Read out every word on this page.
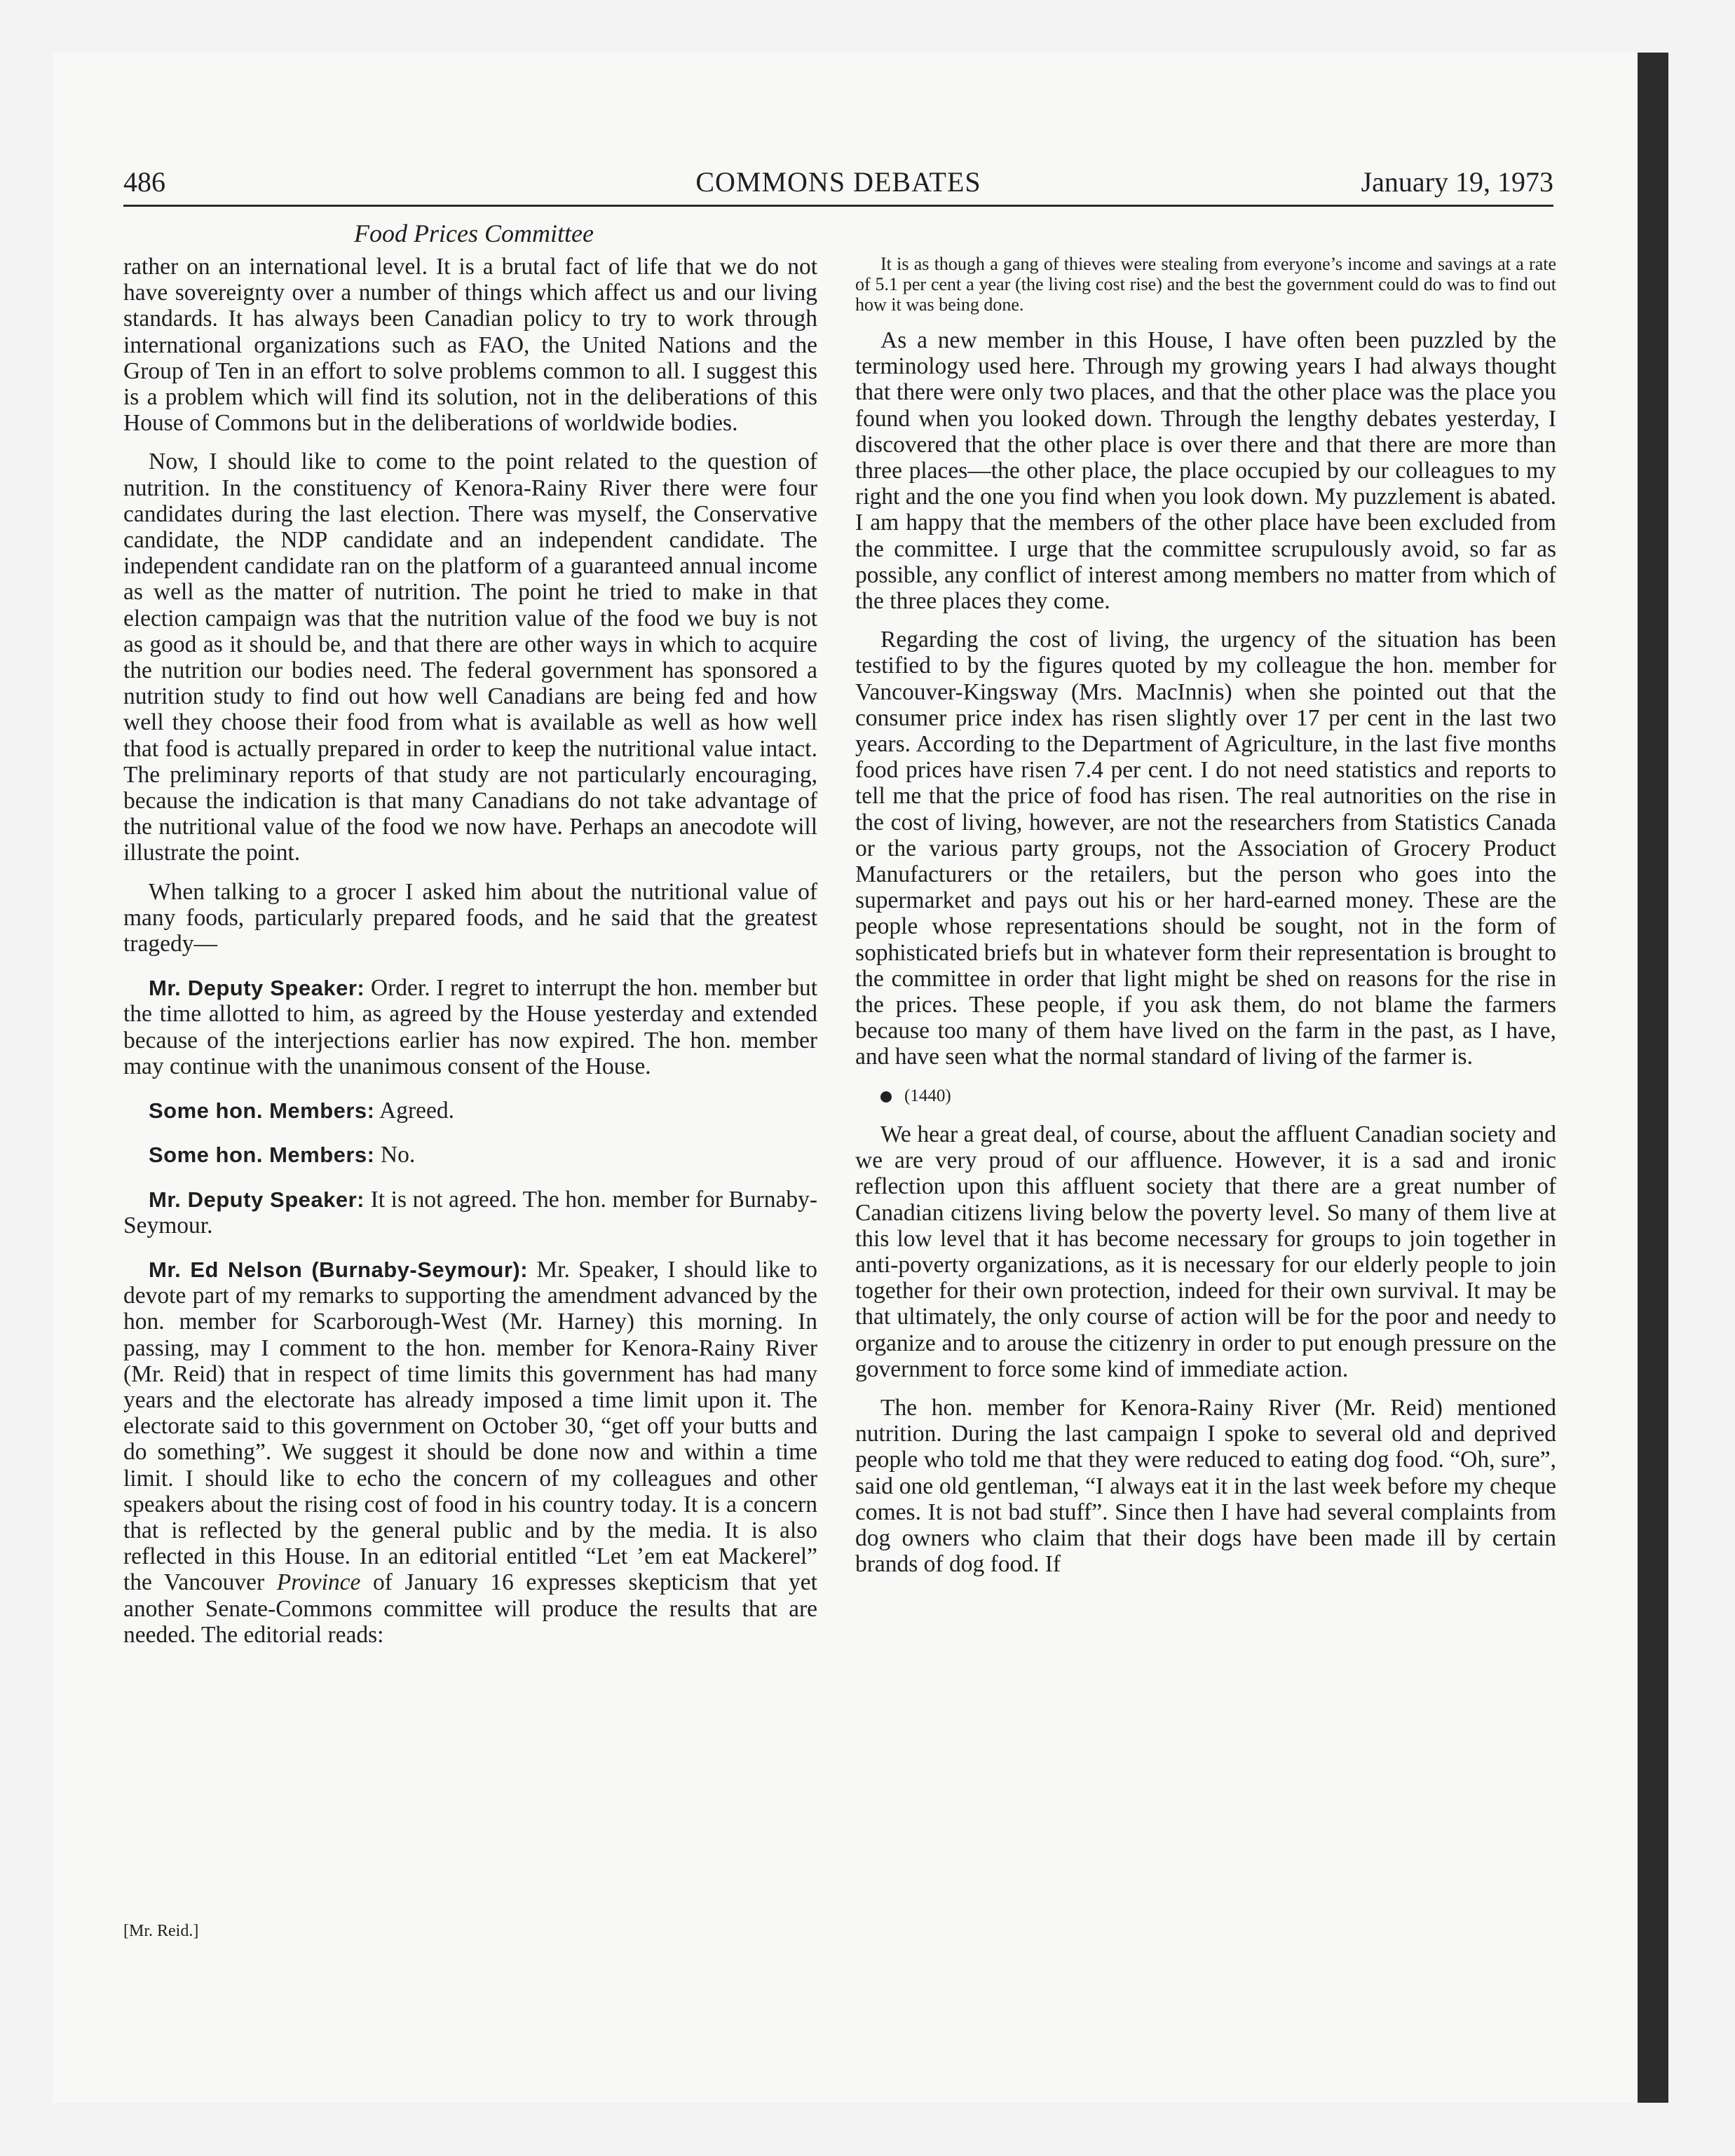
486	COMMONS DEBATES	January 19, 1973
Food Prices Committee

rather on an international level. It is a brutal fact of life that we do not have sovereignty over a number of things which affect us and our living standards. It has always been Canadian policy to try to work through international organizations such as FAO, the United Nations and the Group of Ten in an effort to solve problems common to all. I suggest this is a problem which will find its solution, not in the deliberations of this House of Commons but in the deliberations of worldwide bodies.

Now, I should like to come to the point related to the question of nutrition. In the constituency of Kenora-Rainy River there were four candidates during the last election. There was myself, the Conservative candidate, the NDP candidate and an independent candidate. The independent candidate ran on the platform of a guaranteed annual income as well as the matter of nutrition. The point he tried to make in that election campaign was that the nutrition value of the food we buy is not as good as it should be, and that there are other ways in which to acquire the nutrition our bodies need. The federal government has sponsored a nutrition study to find out how well Canadians are being fed and how well they choose their food from what is available as well as how well that food is actually prepared in order to keep the nutritional value intact. The preliminary reports of that study are not particularly encouraging, because the indication is that many Canadians do not take advantage of the nutritional value of the food we now have. Perhaps an anecodote will illustrate the point.

When talking to a grocer I asked him about the nutritional value of many foods, particularly prepared foods, and he said that the greatest tragedy—

Mr. Deputy Speaker: Order. I regret to interrupt the hon. member but the time allotted to him, as agreed by the House yesterday and extended because of the interjections earlier has now expired. The hon. member may continue with the unanimous consent of the House.

Some hon. Members: Agreed.

Some hon. Members: No.

Mr. Deputy Speaker: It is not agreed. The hon. member for Burnaby-Seymour.

Mr. Ed Nelson (Burnaby-Seymour): Mr. Speaker, I should like to devote part of my remarks to supporting the amendment advanced by the hon. member for Scarborough-West (Mr. Harney) this morning. In passing, may I comment to the hon. member for Kenora-Rainy River (Mr. Reid) that in respect of time limits this government has had many years and the electorate has already imposed a time limit upon it. The electorate said to this government on October 30, “get off your butts and do something”. We suggest it should be done now and within a time limit. I should like to echo the concern of my colleagues and other speakers about the rising cost of food in his country today. It is a concern that is reflected by the general public and by the media. It is also reflected in this House. In an editorial entitled “Let ’em eat Mackerel” the Vancouver Province of January 16 expresses skepticism that yet another Senate-Commons committee will produce the results that are needed. The editorial reads:

It is as though a gang of thieves were stealing from everyone’s income and savings at a rate of 5.1 per cent a year (the living cost rise) and the best the government could do was to find out how it was being done.

As a new member in this House, I have often been puzzled by the terminology used here. Through my growing years I had always thought that there were only two places, and that the other place was the place you found when you looked down. Through the lengthy debates yesterday, I discovered that the other place is over there and that there are more than three places—the other place, the place occupied by our colleagues to my right and the one you find when you look down. My puzzlement is abated. I am happy that the members of the other place have been excluded from the committee. I urge that the committee scrupulously avoid, so far as possible, any conflict of interest among members no matter from which of the three places they come.

Regarding the cost of living, the urgency of the situation has been testified to by the figures quoted by my colleague the hon. member for Vancouver-Kingsway (Mrs. MacInnis) when she pointed out that the consumer price index has risen slightly over 17 per cent in the last two years. According to the Department of Agriculture, in the last five months food prices have risen 7.4 per cent. I do not need statistics and reports to tell me that the price of food has risen. The real autnorities on the rise in the cost of living, however, are not the researchers from Statistics Canada or the various party groups, not the Association of Grocery Product Manufacturers or the retailers, but the person who goes into the supermarket and pays out his or her hard-earned money. These are the people whose representations should be sought, not in the form of sophisticated briefs but in whatever form their representation is brought to the committee in order that light might be shed on reasons for the rise in the prices. These people, if you ask them, do not blame the farmers because too many of them have lived on the farm in the past, as I have, and have seen what the normal standard of living of the farmer is.

(1440)

We hear a great deal, of course, about the affluent Canadian society and we are very proud of our affluence. However, it is a sad and ironic reflection upon this affluent society that there are a great number of Canadian citizens living below the poverty level. So many of them live at this low level that it has become necessary for groups to join together in anti-poverty organizations, as it is necessary for our elderly people to join together for their own protection, indeed for their own survival. It may be that ultimately, the only course of action will be for the poor and needy to organize and to arouse the citizenry in order to put enough pressure on the government to force some kind of immediate action.

The hon. member for Kenora-Rainy River (Mr. Reid) mentioned nutrition. During the last campaign I spoke to several old and deprived people who told me that they were reduced to eating dog food. “Oh, sure”, said one old gentleman, “I always eat it in the last week before my cheque comes. It is not bad stuff”. Since then I have had several complaints from dog owners who claim that their dogs have been made ill by certain brands of dog food. If

[Mr. Reid.]
